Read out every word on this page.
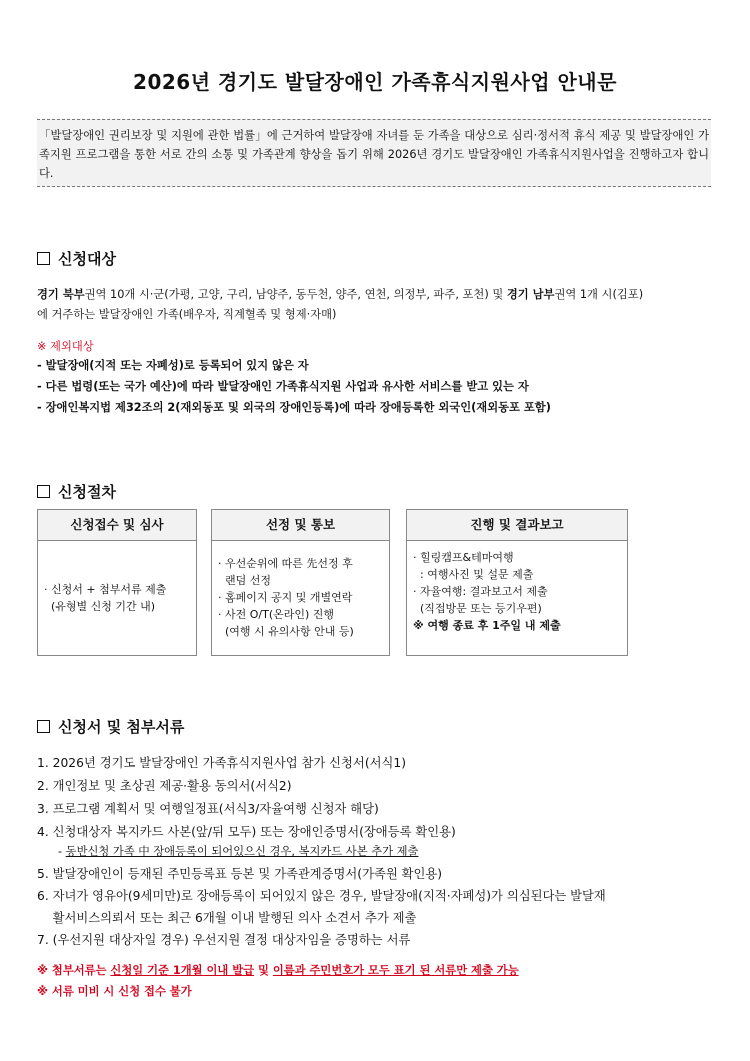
2026년 경기도 발달장애인 가족휴식지원사업 안내문
「발달장애인 권리보장 및 지원에 관한 법률」에 근거하여 발달장애 자녀를 둔 가족을 대상으로 심리·정서적 휴식 제공 및 발달장애인 가족지원 프로그램을 통한 서로 간의 소통 및 가족관계 향상을 돕기 위해 2026년 경기도 발달장애인 가족휴식지원사업을 진행하고자 합니다.
신청대상
경기 북부권역 10개 시·군(가평, 고양, 구리, 남양주, 동두천, 양주, 연천, 의정부, 파주, 포천) 및 경기 남부권역 1개 시(김포)
에 거주하는 발달장애인 가족(배우자, 직계혈족 및 형제·자매)
※ 제외대상
- 발달장애(지적 또는 자폐성)로 등록되어 있지 않은 자
- 다른 법령(또는 국가 예산)에 따라 발달장애인 가족휴식지원 사업과 유사한 서비스를 받고 있는 자
- 장애인복지법 제32조의 2(재외동포 및 외국의 장애인등록)에 따라 장애등록한 외국인(재외동포 포함)
신청절차
신청접수 및 심사
· 신청서 + 첨부서류 제출
(유형별 신청 기간 내)
선정 및 통보
· 우선순위에 따른 先선정 후
랜덤 선정
· 홈페이지 공지 및 개별연락
· 사전 O/T(온라인) 진행
(여행 시 유의사항 안내 등)
진행 및 결과보고
· 힐링캠프&테마여행
: 여행사진 및 설문 제출
· 자율여행: 결과보고서 제출
(직접방문 또는 등기우편)
※ 여행 종료 후 1주일 내 제출
신청서 및 첨부서류
1. 2026년 경기도 발달장애인 가족휴식지원사업 참가 신청서(서식1)
2. 개인정보 및 초상권 제공·활용 동의서(서식2)
3. 프로그램 계획서 및 여행일정표(서식3/자율여행 신청자 해당)
4. 신청대상자 복지카드 사본(앞/뒤 모두) 또는 장애인증명서(장애등록 확인용)
- 동반신청 가족 中 장애등록이 되어있으신 경우, 복지카드 사본 추가 제출
5. 발달장애인이 등재된 주민등록표 등본 및 가족관계증명서(가족원 확인용)
6. 자녀가 영유아(9세미만)로 장애등록이 되어있지 않은 경우, 발달장애(지적·자폐성)가 의심된다는 발달재
활서비스의뢰서 또는 최근 6개월 이내 발행된 의사 소견서 추가 제출
7. (우선지원 대상자일 경우) 우선지원 결정 대상자임을 증명하는 서류
※ 첨부서류는 신청일 기준 1개월 이내 발급 및 이름과 주민번호가 모두 표기 된 서류만 제출 가능
※ 서류 미비 시 신청 접수 불가
